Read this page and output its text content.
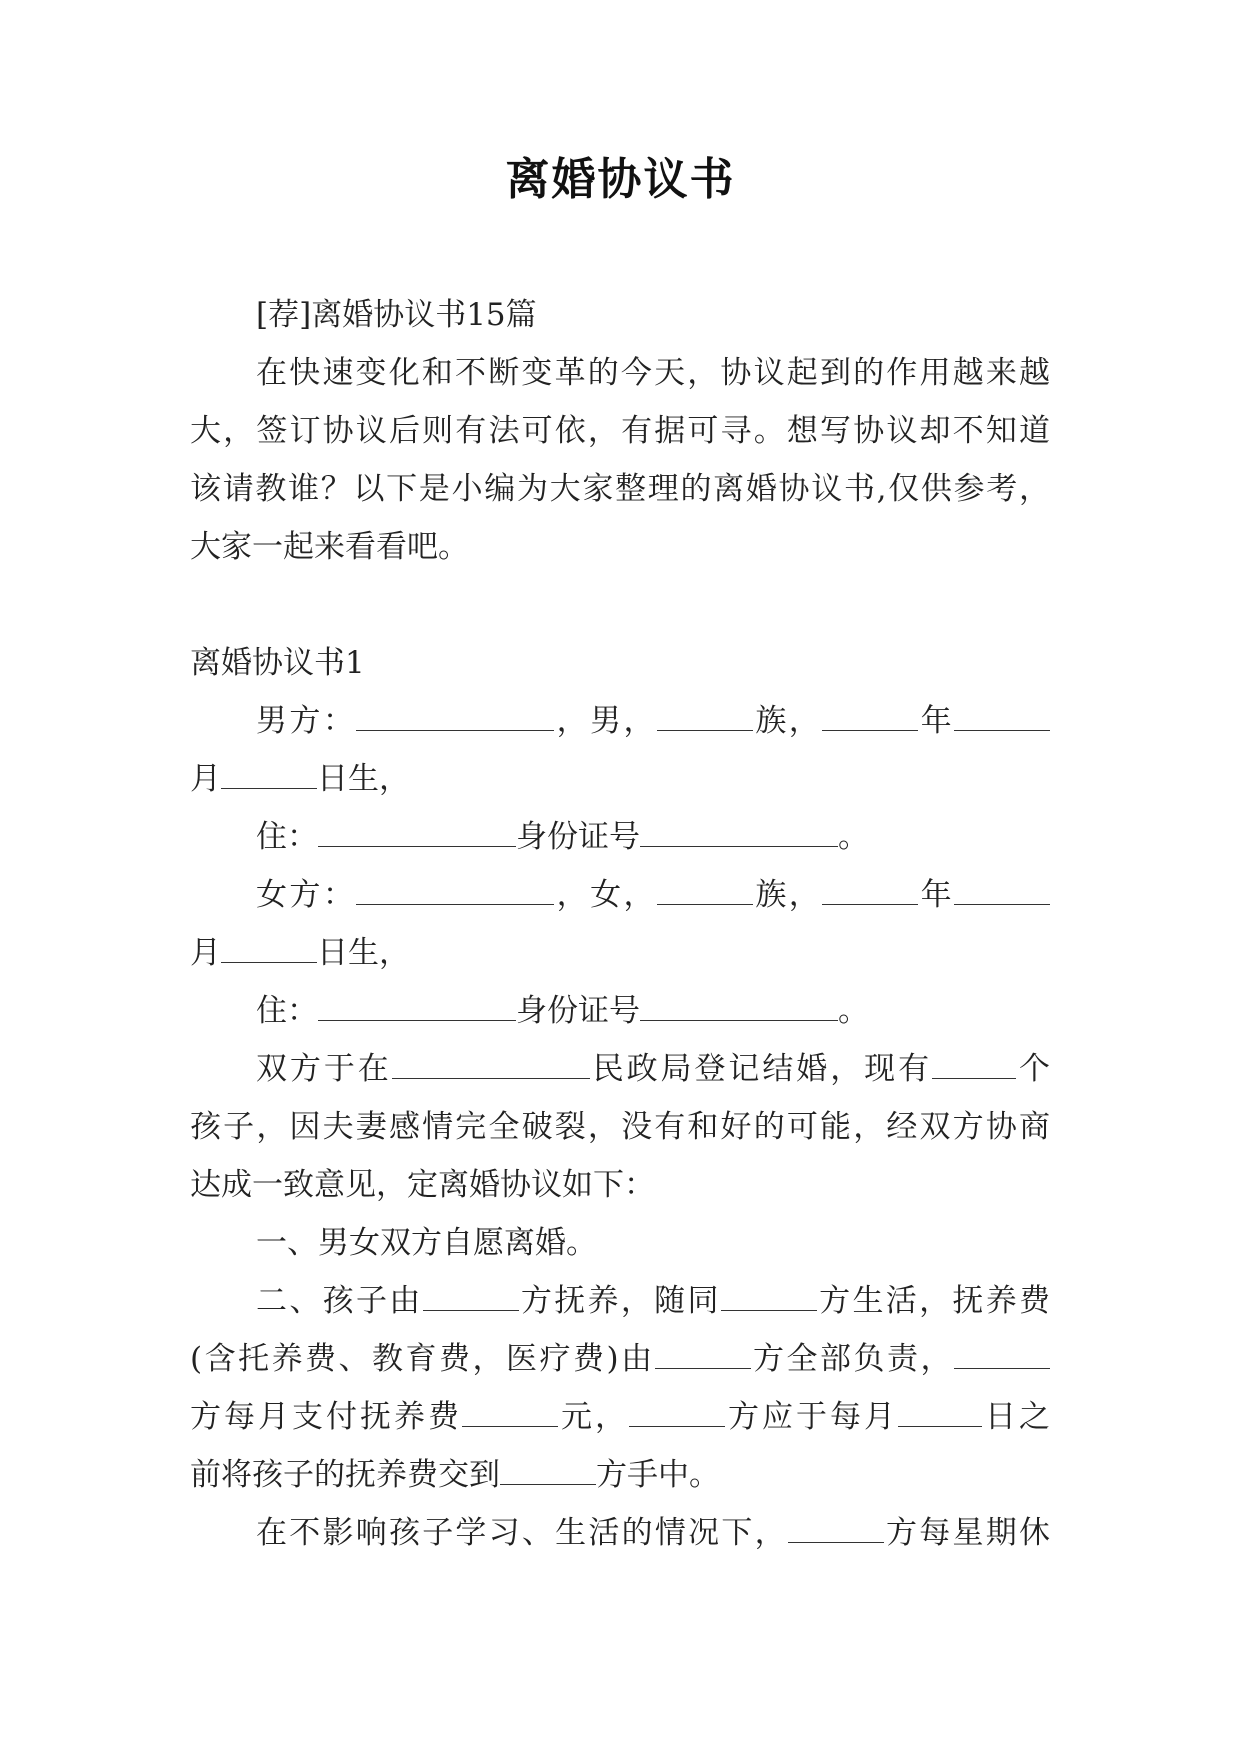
离婚协议书

[荐]离婚协议书15篇

在快速变化和不断变革的今天，协议起到的作用越来越

大，签订协议后则有法可依，有据可寻。想写协议却不知道

该请教谁？以下是小编为大家整理的离婚协议书,仅供参考，

大家一起来看看吧。

离婚协议书1

男方：	，男，	族，	年

月	日生，

住：	身份证号	。

女方：	，女，	族，	年

月	日生，

住：	身份证号	。

双方于在	民政局登记结婚，现有	个

孩子，因夫妻感情完全破裂，没有和好的可能，经双方协商

达成一致意见，定离婚协议如下：

一、男女双方自愿离婚。

二、孩子由	方抚养，随同	方生活，抚养费

(含托养费、教育费，医疗费)由	方全部负责，

方每月支付抚养费	元，	方应于每月	日之

前将孩子的抚养费交到	方手中。

在不影响孩子学习、生活的情况下，	方每星期休
